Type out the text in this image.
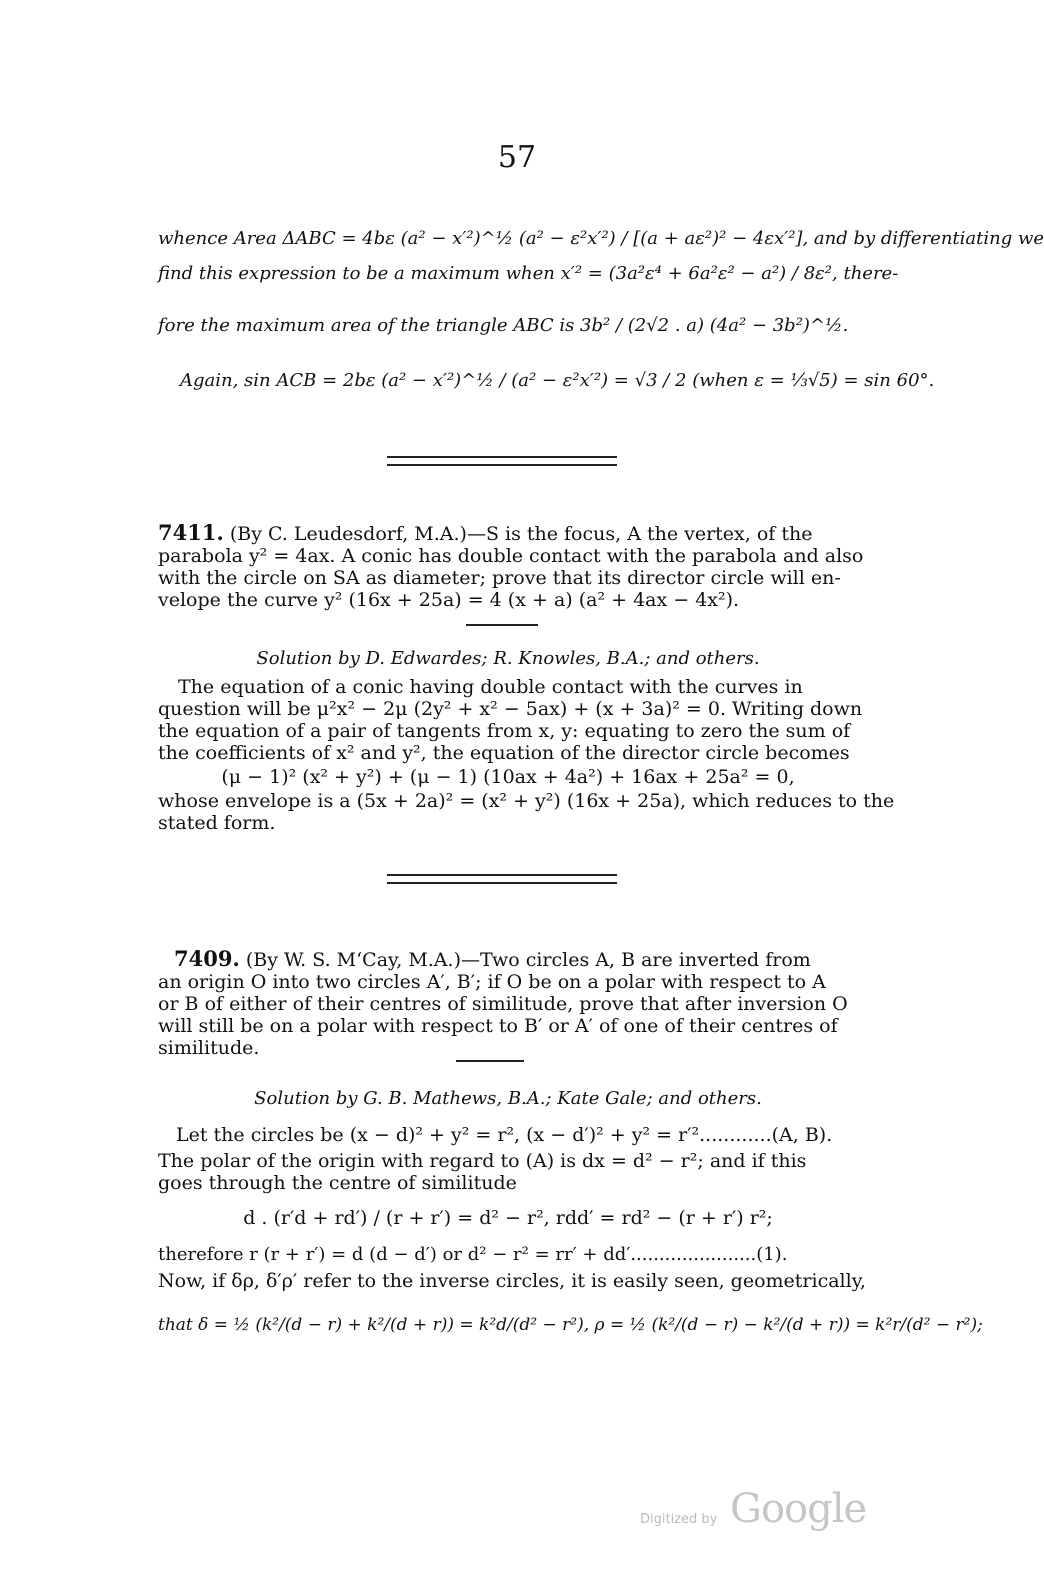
57
whence Area ΔABC = 4bε (a² − x′²)^½ (a² − ε²x′²) / [(a + aε²)² − 4εx′²], and by differentiating we
find this expression to be a maximum when x′² = (3a²ε⁴ + 6a²ε² − a²) / 8ε², there-
fore the maximum area of the triangle ABC is 3b² / (2√2 . a) (4a² − 3b²)^½.
Again, sin ACB = 2bε (a² − x′²)^½ / (a² − ε²x′²) = √3 / 2 (when ε = ⅓√5) = sin 60°.
7411. (By C. Leudesdorf, M.A.)—S is the focus, A the vertex, of the
parabola y² = 4ax. A conic has double contact with the parabola and also
with the circle on SA as diameter; prove that its director circle will en-
velope the curve y² (16x + 25a) = 4 (x + a) (a² + 4ax − 4x²).
Solution by D. Edwardes; R. Knowles, B.A.; and others.
The equation of a conic having double contact with the curves in
question will be μ²x² − 2μ (2y² + x² − 5ax) + (x + 3a)² = 0. Writing down
the equation of a pair of tangents from x, y: equating to zero the sum of
the coefficients of x² and y², the equation of the director circle becomes
(μ − 1)² (x² + y²) + (μ − 1) (10ax + 4a²) + 16ax + 25a² = 0,
whose envelope is a (5x + 2a)² = (x² + y²) (16x + 25a), which reduces to the
stated form.
7409. (By W. S. M‘Cay, M.A.)—Two circles A, B are inverted from
an origin O into two circles A′, B′; if O be on a polar with respect to A
or B of either of their centres of similitude, prove that after inversion O
will still be on a polar with respect to B′ or A′ of one of their centres of
similitude.
Solution by G. B. Mathews, B.A.; Kate Gale; and others.
Let the circles be (x − d)² + y² = r², (x − d′)² + y² = r′²............(A, B).
The polar of the origin with regard to (A) is dx = d² − r²; and if this
goes through the centre of similitude
d . (r′d + rd′) / (r + r′) = d² − r², rdd′ = rd² − (r + r′) r²;
therefore r (r + r′) = d (d − d′) or d² − r² = rr′ + dd′......................(1).
Now, if δρ, δ′ρ′ refer to the inverse circles, it is easily seen, geometrically,
that δ = ½ (k²/(d − r) + k²/(d + r)) = k²d/(d² − r²), ρ = ½ (k²/(d − r) − k²/(d + r)) = k²r/(d² − r²);
Digitized by Google
